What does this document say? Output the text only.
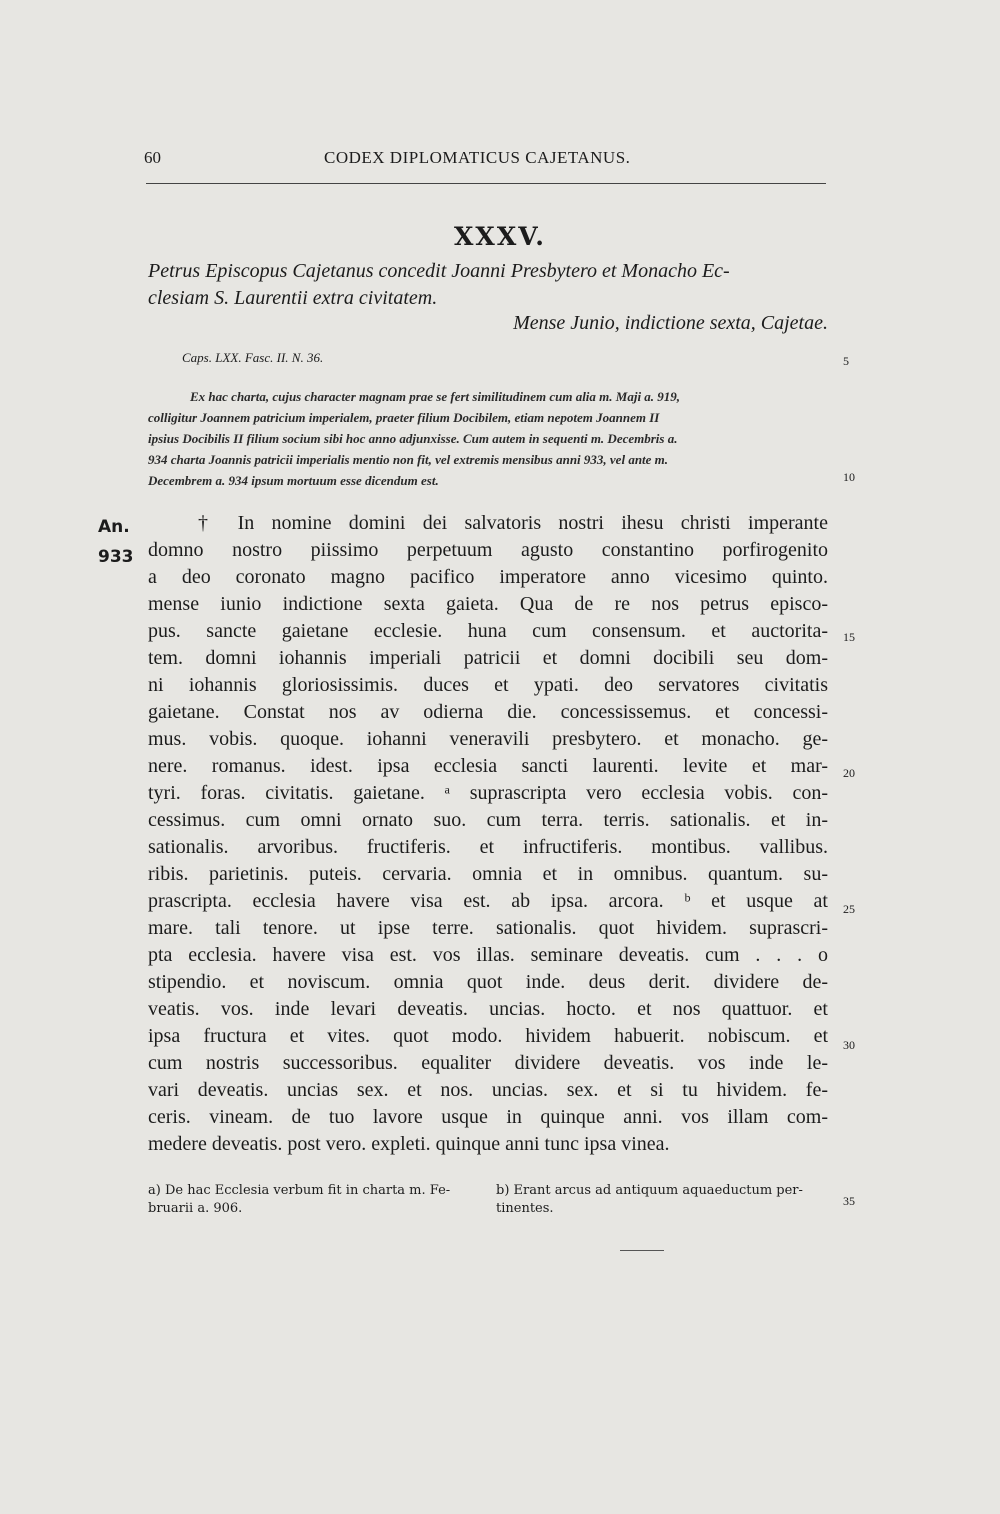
60	CODEX DIPLOMATICUS CAJETANUS.
XXXV.
Petrus Episcopus Cajetanus concedit Joanni Presbytero et Monacho Ec-
clesiam S. Laurentii extra civitatem.
Mense Junio, indictione sexta, Cajetae.
Caps. LXX. Fasc. II. N. 36.
Ex hac charta, cujus character magnam prae se fert similitudinem cum alia m. Maji a. 919,
colligitur Joannem patricium imperialem, praeter filium Docibilem, etiam nepotem Joannem II
ipsius Docibilis II filium socium sibi hoc anno adjunxisse. Cum autem in sequenti m. Decembris a.
934 charta Joannis patricii imperialis mentio non fit, vel extremis mensibus anni 933, vel ante m.
Decembrem a. 934 ipsum mortuum esse dicendum est.
An.
933
† In nomine domini dei salvatoris nostri ihesu christi imperante
domno nostro piissimo perpetuum agusto constantino porfirogenito
a deo coronato magno pacifico imperatore anno vicesimo quinto.
mense iunio indictione sexta gaieta. Qua de re nos petrus episco-
pus. sancte gaietane ecclesie. huna cum consensum. et auctorita-
tem. domni iohannis imperiali patricii et domni docibili seu dom-
ni iohannis gloriosissimis. duces et ypati. deo servatores civitatis
gaietane. Constat nos av odierna die. concessissemus. et concessi-
mus. vobis. quoque. iohanni veneravili presbytero. et monacho. ge-
nere. romanus. idest. ipsa ecclesia sancti laurenti. levite et mar-
tyri. foras. civitatis. gaietane. ᵃ suprascripta vero ecclesia vobis. con-
cessimus. cum omni ornato suo. cum terra. terris. sationalis. et in-
sationalis. arvoribus. fructiferis. et infructiferis. montibus. vallibus.
ribis. parietinis. puteis. cervaria. omnia et in omnibus. quantum. su-
prascripta. ecclesia havere visa est. ab ipsa. arcora. ᵇ et usque at
mare. tali tenore. ut ipse terre. sationalis. quot hividem. suprascri-
pta ecclesia. havere visa est. vos illas. seminare deveatis. cum . . . o
stipendio. et noviscum. omnia quot inde. deus derit. dividere de-
veatis. vos. inde levari deveatis. uncias. hocto. et nos quattuor. et
ipsa fructura et vites. quot modo. hividem habuerit. nobiscum. et
cum nostris successoribus. equaliter dividere deveatis. vos inde le-
vari deveatis. uncias sex. et nos. uncias. sex. et si tu hividem. fe-
ceris. vineam. de tuo lavore usque in quinque anni. vos illam com-
medere deveatis. post vero. expleti. quinque anni tunc ipsa vinea.
5
10
15
20
25
30
35
a) De hac Ecclesia verbum fit in charta m. Fe- bruarii a. 906.
b) Erant arcus ad antiquum aquaeductum per- tinentes.
